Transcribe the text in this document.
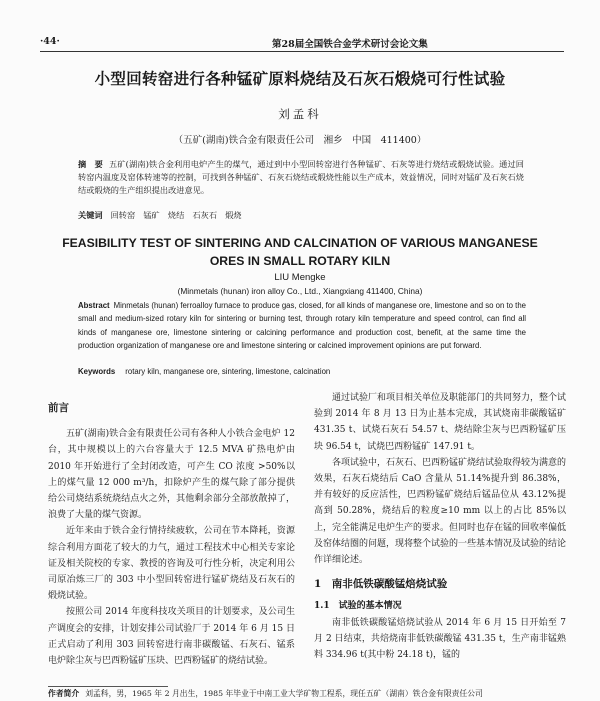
·44·	第28届全国铁合金学术研讨会论文集
小型回转窑进行各种锰矿原料烧结及石灰石煅烧可行性试验
刘孟科
（五矿(湖南)铁合金有限责任公司　湘乡　中国　411400）
摘　要 五矿(湖南)铁合金利用电炉产生的煤气，通过到中小型回转窑进行各种锰矿、石灰等进行烧结或煅烧试验。通过回转窑内温度及窑体转速等的控制，可找到各种锰矿、石灰石烧结或煅烧性能以生产成本，效益情况，同时对锰矿及石灰石烧结或煅烧的生产组织提出改进意见。
关键词 回转窑　锰矿　烧结　石灰石　煅烧
FEASIBILITY TEST OF SINTERING AND CALCINATION OF VARIOUS MANGANESE ORES IN SMALL ROTARY KILN
LIU Mengke
(Minmetals (hunan) iron alloy Co., Ltd., Xiangxiang 411400, China)
Abstract Minmetals (hunan) ferroalloy furnace to produce gas, closed, for all kinds of manganese ore, limestone and so on to the small and medium-sized rotary kiln for sintering or burning test, through rotary kiln temperature and speed control, can find all kinds of manganese ore, limestone sintering or calcining performance and production cost, benefit, at the same time the production organization of manganese ore and limestone sintering or calcined improvement opinions are put forward.
Keywords rotary kiln, manganese ore, sintering, limestone, calcination
前言

五矿(湖南)铁合金有限责任公司有各种人小铁合金电炉 12 台，其中规模以上的六台容量大于 12.5 MVA 矿热电炉由 2010 年开始进行了全封闭改造，可产生 CO 浓度 >50%以上的煤气量 12 000 m³/h，扣除炉产生的煤气除了部分提供给公司烧结系统烧结点火之外，其他剩余部分全部放散掉了，浪费了大量的煤气资源。

近年来由于铁合金行情持续疲软，公司在节本降耗，资源综合利用方面花了较大的力气，通过工程技术中心相关专家论证及相关院校的专家、教授的咨询及可行性分析，决定利用公司原冶炼三厂的 303 中小型回转窑进行锰矿烧结及石灰石的煅烧试验。

按照公司 2014 年度科技攻关项目的计划要求，及公司生产调度会的安排，计划安排公司试验厂于 2014 年 6 月 15 日正式启动了利用 303 回转窑进行南非碳酸锰、石灰石、锰系电炉除尘灰与巴西粉锰矿压块、巴西粉锰矿的烧结试验。

通过试验厂和项目相关单位及职能部门的共同努力，整个试验到 2014 年 8 月 13 日为止基本完成，其试烧南非碳酸锰矿 431.35 t、试烧石灰石 54.57 t、烧结除尘灰与巴西粉锰矿压块 96.54 t，试烧巴西粉锰矿 147.91 t。

各项试验中，石灰石、巴西粉锰矿烧结试验取得较为满意的效果，石灰石烧结后 CaO 含量从 51.14%提升到 86.38%，并有较好的反应活性，巴西粉锰矿烧结后锰品位从 43.12%提高到 50.28%，烧结后的粒度≥10 mm 以上的占比 85%以上，完全能满足电炉生产的要求。但同时也存在锰的回收率偏低及窑体结圈的问题，现将整个试验的一些基本情况及试验的结论作详细论述。

1　南非低铁碳酸锰焙烧试验
1.1　试验的基本情况

南非低铁碳酸锰焙烧试验从 2014 年 6 月 15 日开始至 7 月 2 日结束，共焙烧南非低铁碳酸锰 431.35 t，生产南非锰熟料 334.96 t(其中粉 24.18 t)，锰的

作者简介 刘孟科，男，1965 年 2 月出生，1985 年毕业于中南工业大学矿物工程系，现任五矿（湖南）铁合金有限责任公司
